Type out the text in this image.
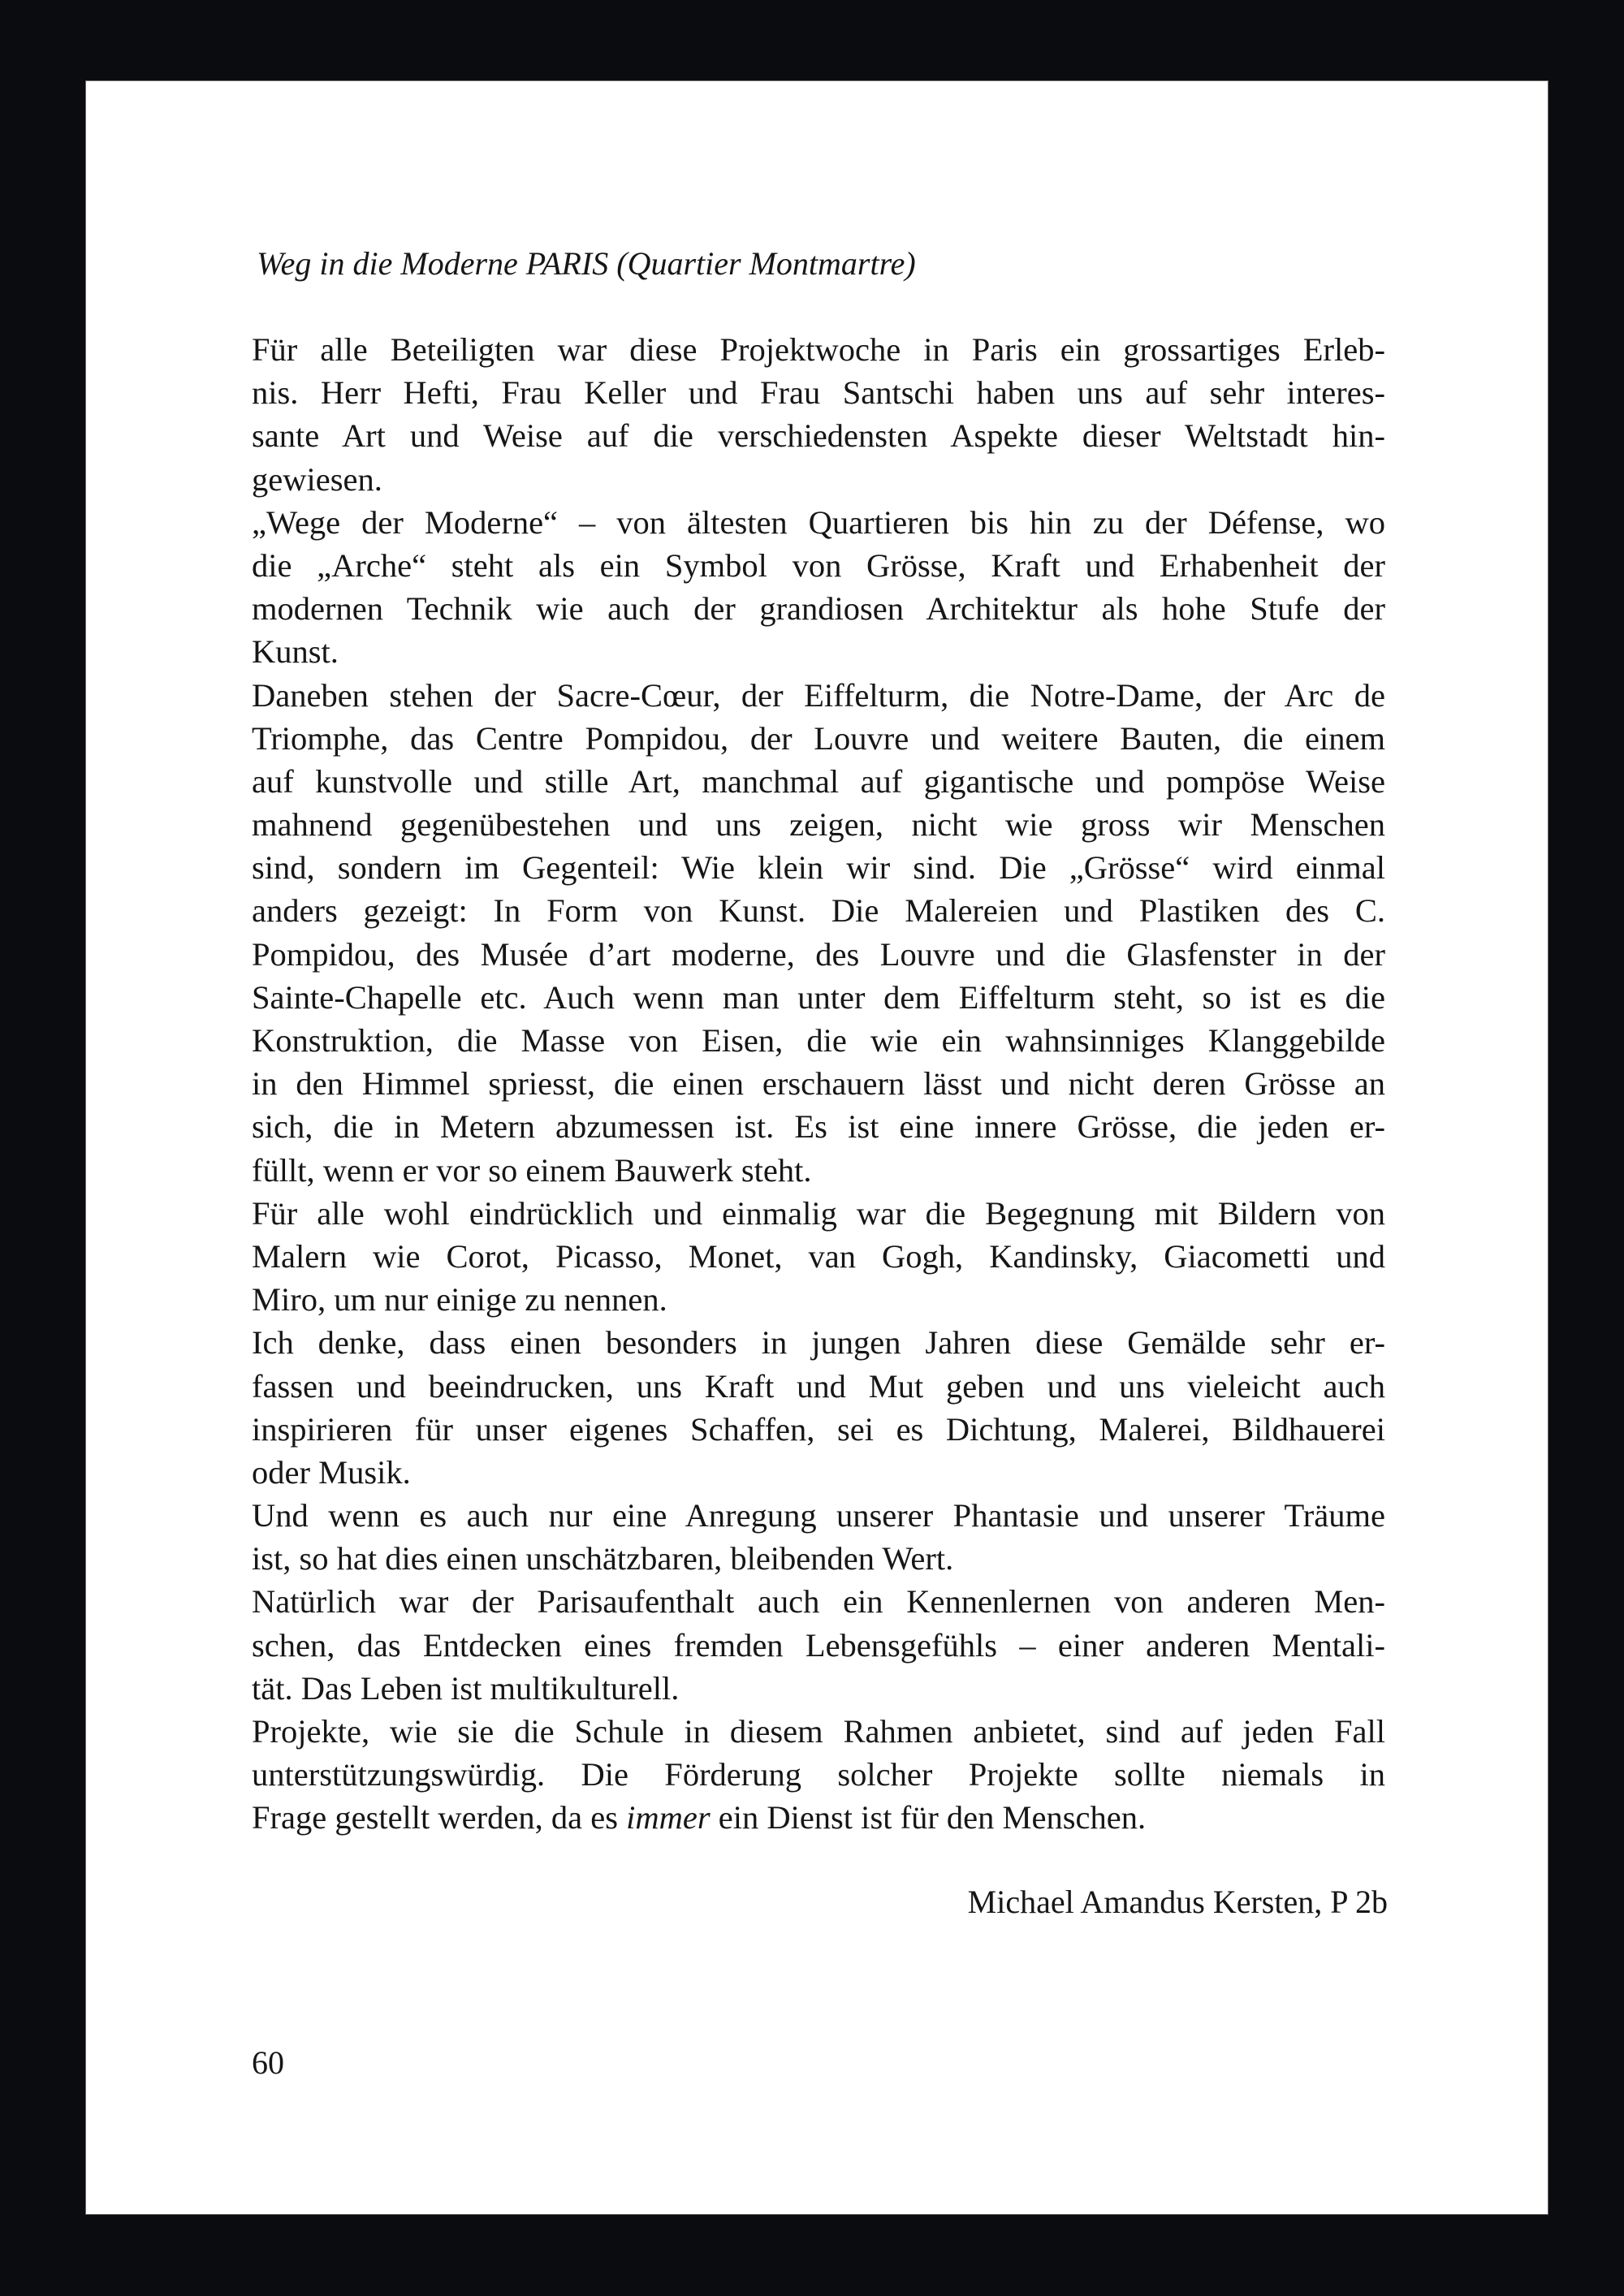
Weg in die Moderne PARIS (Quartier Montmartre)
Für alle Beteiligten war diese Projektwoche in Paris ein grossartiges Erleb-
nis. Herr Hefti, Frau Keller und Frau Santschi haben uns auf sehr interes-
sante Art und Weise auf die verschiedensten Aspekte dieser Weltstadt hin-
gewiesen.
„Wege der Moderne“ – von ältesten Quartieren bis hin zu der Défense, wo
die „Arche“ steht als ein Symbol von Grösse, Kraft und Erhabenheit der
modernen Technik wie auch der grandiosen Architektur als hohe Stufe der
Kunst.
Daneben stehen der Sacre-Cœur, der Eiffelturm, die Notre-Dame, der Arc de
Triomphe, das Centre Pompidou, der Louvre und weitere Bauten, die einem
auf kunstvolle und stille Art, manchmal auf gigantische und pompöse Weise
mahnend gegenübestehen und uns zeigen, nicht wie gross wir Menschen
sind, sondern im Gegenteil: Wie klein wir sind. Die „Grösse“ wird einmal
anders gezeigt: In Form von Kunst. Die Malereien und Plastiken des C.
Pompidou, des Musée d’art moderne, des Louvre und die Glasfenster in der
Sainte-Chapelle etc. Auch wenn man unter dem Eiffelturm steht, so ist es die
Konstruktion, die Masse von Eisen, die wie ein wahnsinniges Klanggebilde
in den Himmel spriesst, die einen erschauern lässt und nicht deren Grösse an
sich, die in Metern abzumessen ist. Es ist eine innere Grösse, die jeden er-
füllt, wenn er vor so einem Bauwerk steht.
Für alle wohl eindrücklich und einmalig war die Begegnung mit Bildern von
Malern wie Corot, Picasso, Monet, van Gogh, Kandinsky, Giacometti und
Miro, um nur einige zu nennen.
Ich denke, dass einen besonders in jungen Jahren diese Gemälde sehr er-
fassen und beeindrucken, uns Kraft und Mut geben und uns vieleicht auch
inspirieren für unser eigenes Schaffen, sei es Dichtung, Malerei, Bildhauerei
oder Musik.
Und wenn es auch nur eine Anregung unserer Phantasie und unserer Träume
ist, so hat dies einen unschätzbaren, bleibenden Wert.
Natürlich war der Parisaufenthalt auch ein Kennenlernen von anderen Men-
schen, das Entdecken eines fremden Lebensgefühls – einer anderen Mentali-
tät. Das Leben ist multikulturell.
Projekte, wie sie die Schule in diesem Rahmen anbietet, sind auf jeden Fall
unterstützungswürdig. Die Förderung solcher Projekte sollte niemals in
Frage gestellt werden, da es immer ein Dienst ist für den Menschen.
Michael Amandus Kersten, P 2b
60
